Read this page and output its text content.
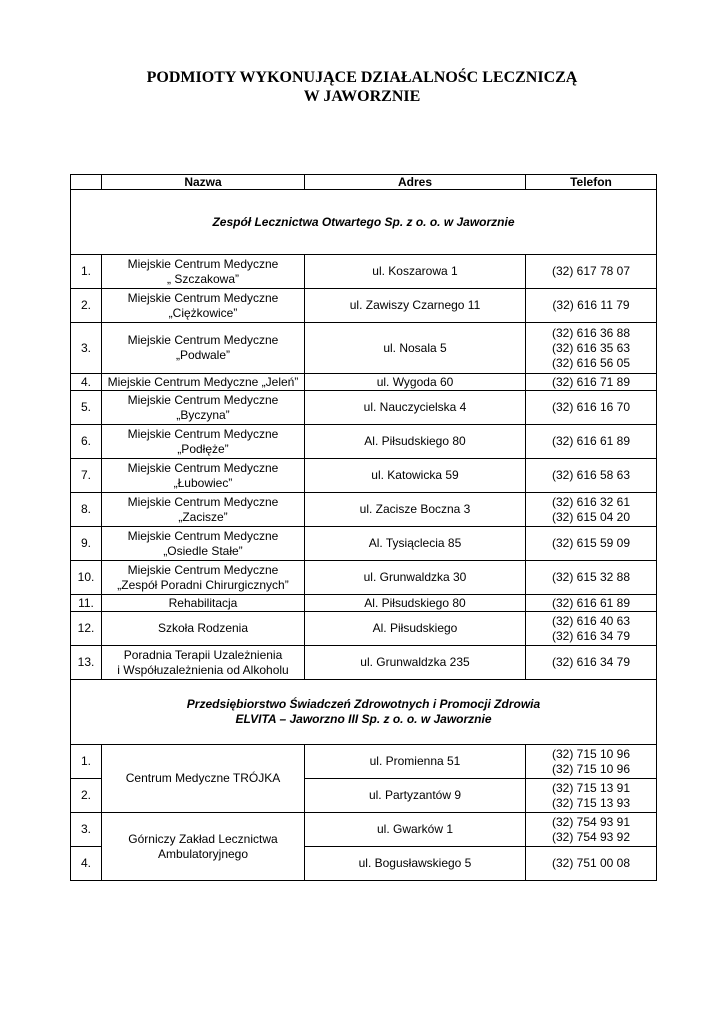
PODMIOTY WYKONUJĄCE DZIAŁALNOŚC LECZNICZĄ
W JAWORZNIE
	Nazwa	Adres	Telefon
Zespół Lecznictwa Otwartego Sp. z o. o. w Jaworznie			
1.	Miejskie Centrum Medyczne
„ Szczakowa”	ul. Koszarowa 1	(32) 617 78 07

2.	Miejskie Centrum Medyczne
„Ciężkowice”	ul. Zawiszy Czarnego 11	(32) 616 11 79

3.	Miejskie Centrum Medyczne
„Podwale”	ul. Nosala 5	(32) 616 36 88
(32) 616 35 63
(32) 616 56 05

4.	Miejskie Centrum Medyczne „Jeleń”	ul. Wygoda 60	(32) 616 71 89

5.	Miejskie Centrum Medyczne
„Byczyna”	ul. Nauczycielska 4	(32) 616 16 70

6.	Miejskie Centrum Medyczne
„Podłęże”	Al. Piłsudskiego 80	(32) 616 61 89

7.	Miejskie Centrum Medyczne
„Łubowiec”	ul. Katowicka 59	(32) 616 58 63

8.	Miejskie Centrum Medyczne
„Zacisze”	ul. Zacisze Boczna 3	(32) 616 32 61
(32) 615 04 20

9.	Miejskie Centrum Medyczne
„Osiedle Stałe”	Al. Tysiąclecia 85	(32) 615 59 09

10.	Miejskie Centrum Medyczne
„Zespół Poradni Chirurgicznych”	ul. Grunwaldzka 30	(32) 615 32 88

11.	Rehabilitacja	Al. Piłsudskiego 80	(32) 616 61 89

12.	Szkoła Rodzenia	Al. Piłsudskiego	(32) 616 40 63
(32) 616 34 79

13.	Poradnia Terapii Uzależnienia
i Współuzależnienia od Alkoholu	ul. Grunwaldzka 235	(32) 616 34 79

Przedsiębiorstwo Świadczeń Zdrowotnych i Promocji Zdrowia
ELVITA – Jaworzno III Sp. z o. o. w Jaworznie			

1.	Centrum Medyczne TRÓJKA	ul. Promienna 51	(32) 715 10 96
(32) 715 10 96

2.		ul. Partyzantów 9	(32) 715 13 91
(32) 715 13 93

3.	Górniczy Zakład Lecznictwa
Ambulatoryjnego	ul. Gwarków 1	(32) 754 93 91
(32) 754 93 92

4.		ul. Bogusławskiego 5	(32) 751 00 08
